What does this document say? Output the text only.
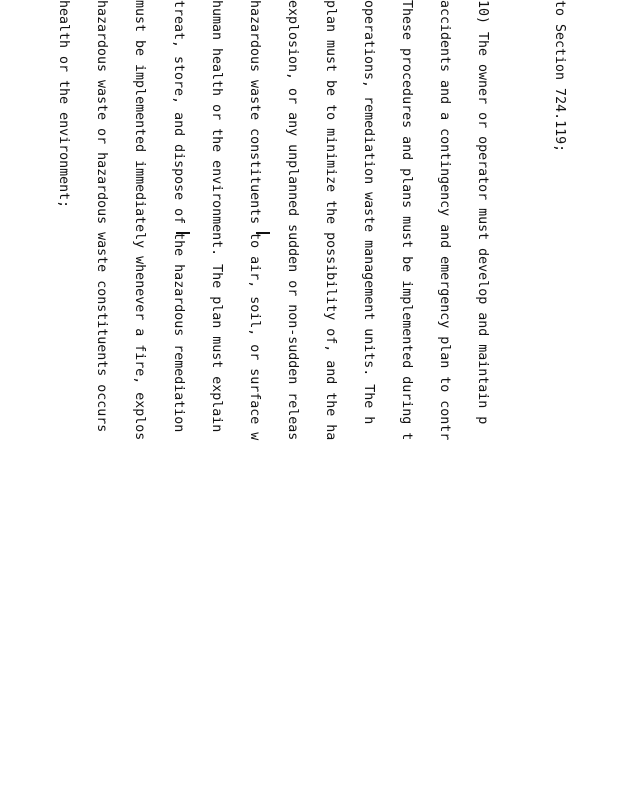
to Section 724.119;

10) The owner or operator must develop and maintain p

accidents and a contingency and emergency plan to contr

These procedures and plans must be implemented during t

operations, remediation waste management units. The h

plan must be to minimize the possibility of, and the ha

explosion, or any unplanned sudden or non-sudden releas

hazardous waste constituents to air, soil, or surface w

human health or the environment. The plan must explain

treat, store, and dispose of the hazardous remediation

must be implemented immediately whenever a fire, explos

hazardous waste or hazardous waste constituents occurs

health or the environment;
